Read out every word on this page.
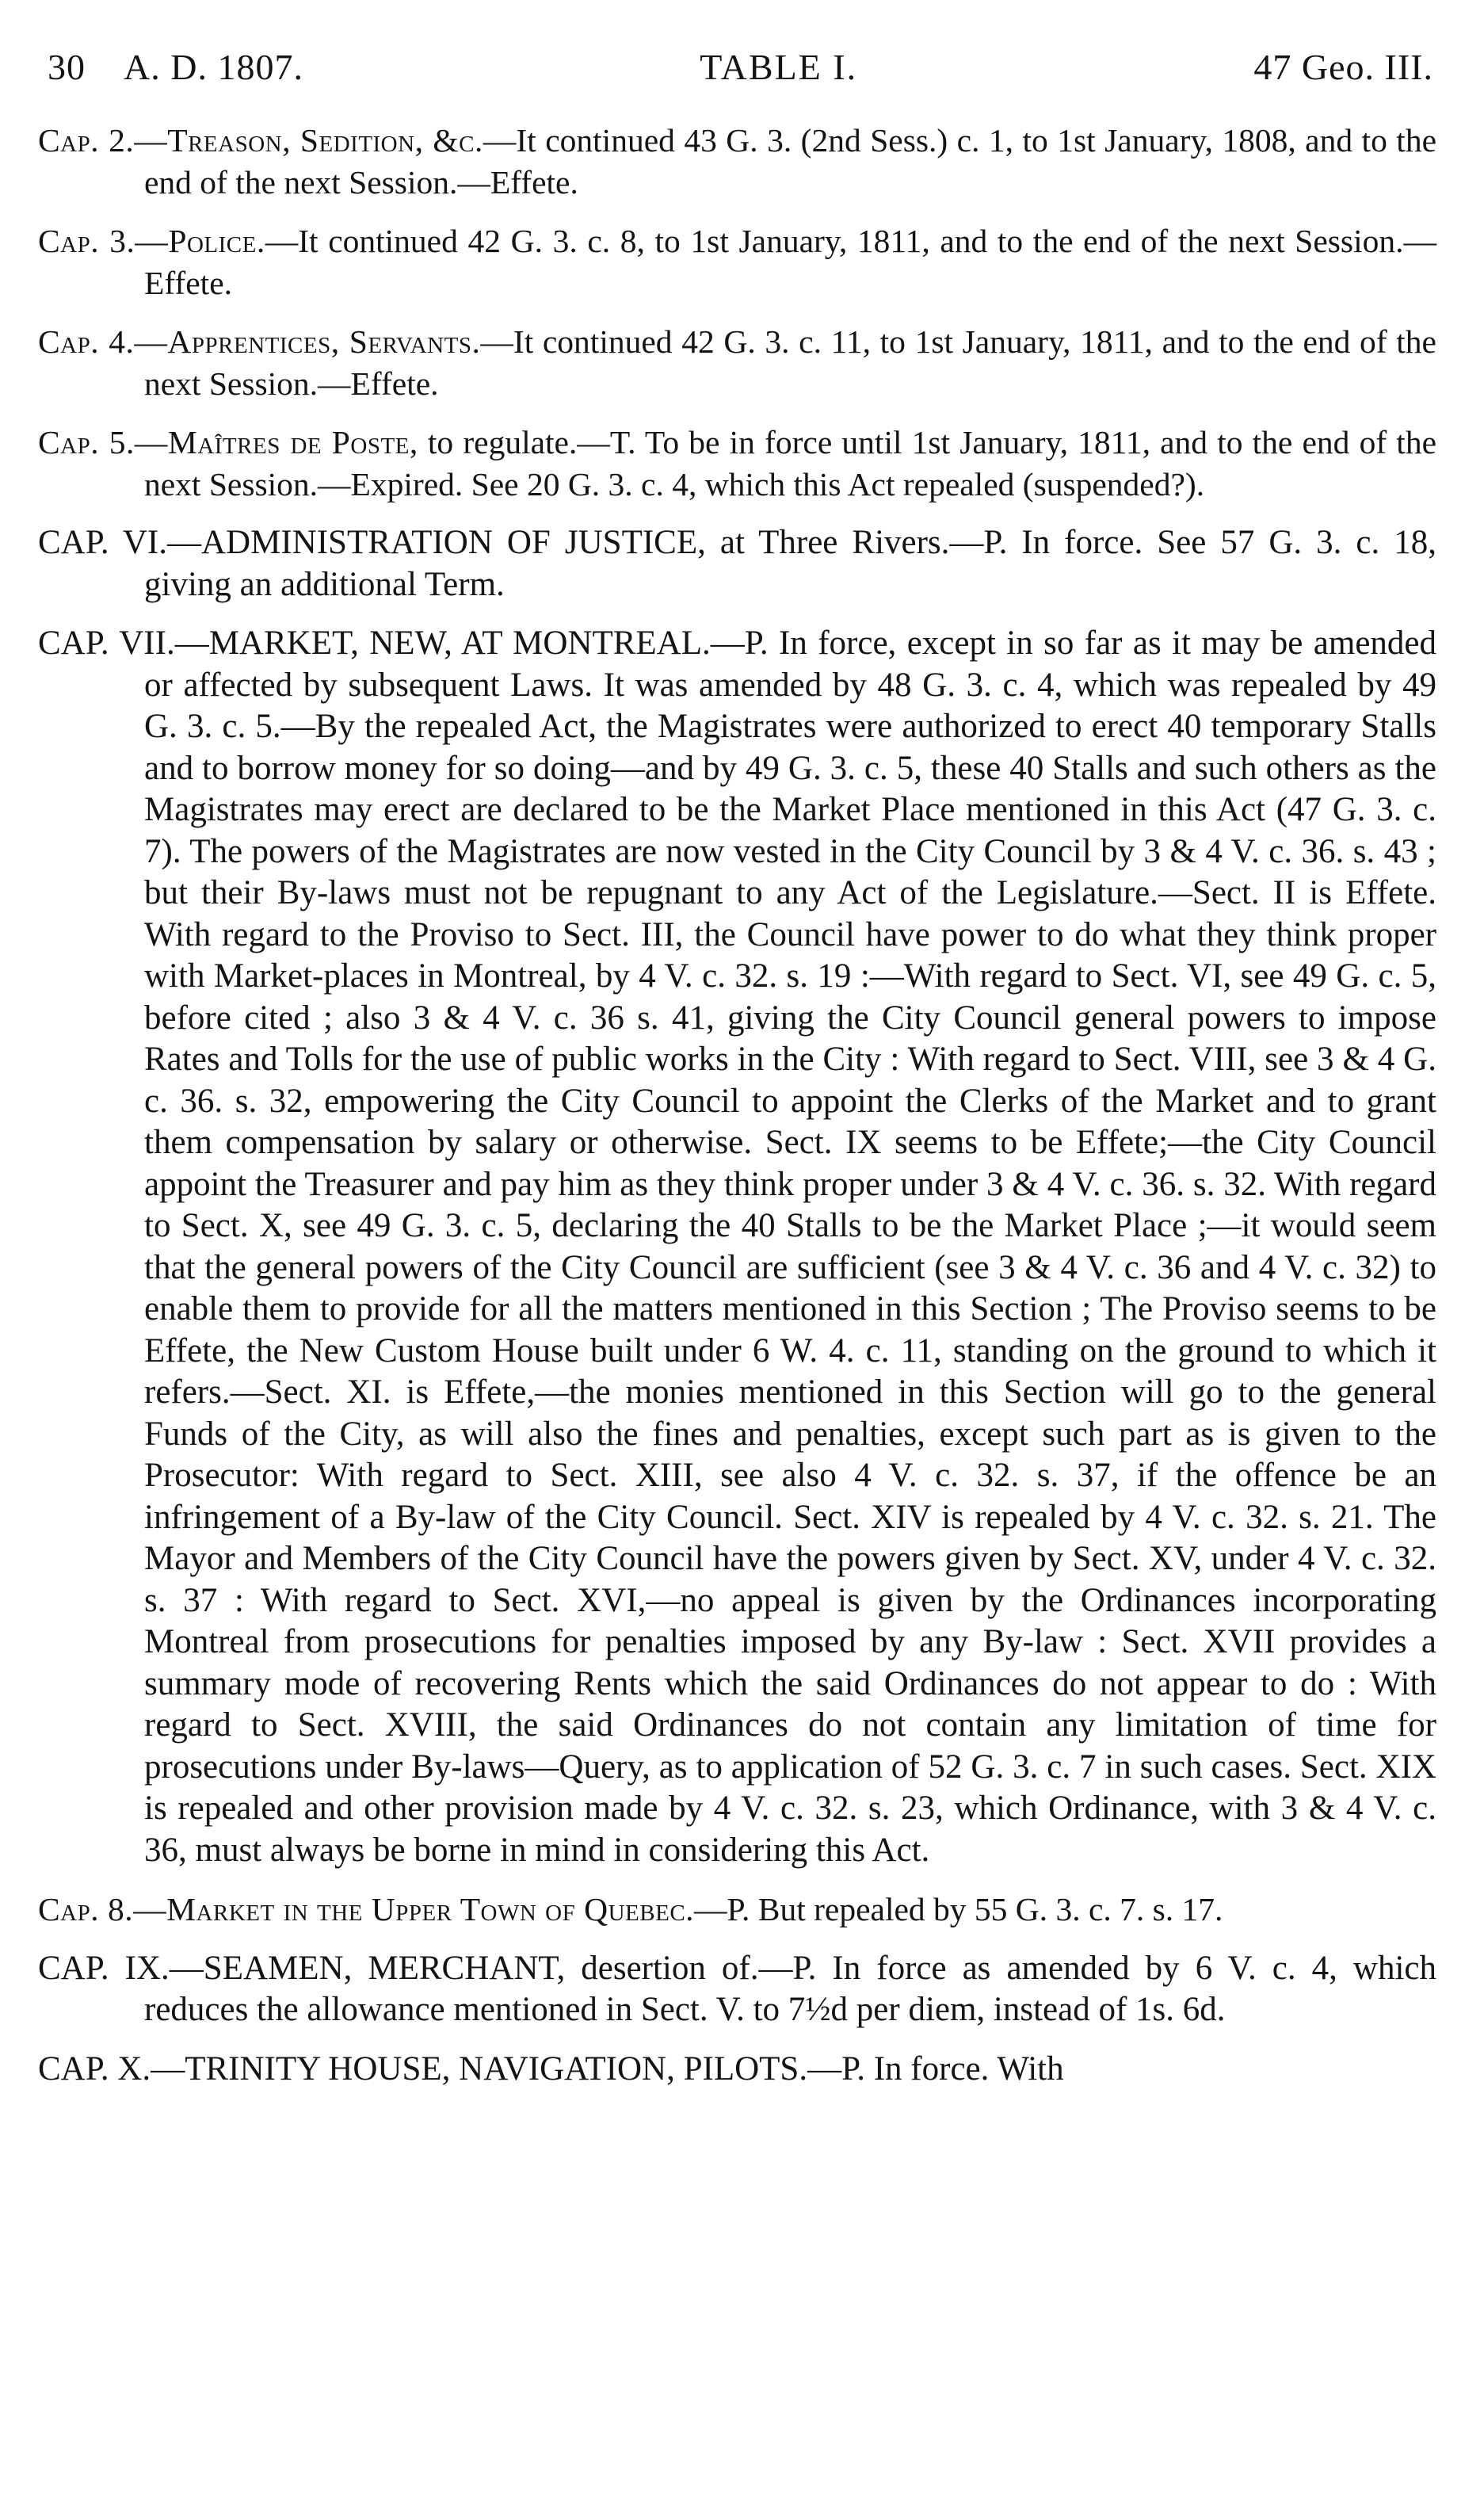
30 A. D. 1807.	TABLE I.	47 Geo. III.

Cap. 2.—Treason, Sedition, &c.—It continued 43 G. 3. (2nd Sess.) c. 1, to 1st January, 1808, and to the end of the next Session.—Effete.

Cap. 3.—Police.—It continued 42 G. 3. c. 8, to 1st January, 1811, and to the end of the next Session.—Effete.

Cap. 4.—Apprentices, Servants.—It continued 42 G. 3. c. 11, to 1st January, 1811, and to the end of the next Session.—Effete.

Cap. 5.—Maîtres de Poste, to regulate.—T. To be in force until 1st January, 1811, and to the end of the next Session.—Expired. See 20 G. 3. c. 4, which this Act repealed (suspended?).

CAP. VI.—ADMINISTRATION OF JUSTICE, at Three Rivers.—P. In force. See 57 G. 3. c. 18, giving an additional Term.

CAP. VII.—MARKET, NEW, AT MONTREAL.—P. In force, except in so far as it may be amended or affected by subsequent Laws. It was amended by 48 G. 3. c. 4, which was repealed by 49 G. 3. c. 5.—By the repealed Act, the Magistrates were authorized to erect 40 temporary Stalls and to borrow money for so doing—and by 49 G. 3. c. 5, these 40 Stalls and such others as the Magistrates may erect are declared to be the Market Place mentioned in this Act (47 G. 3. c. 7). The powers of the Magistrates are now vested in the City Council by 3 & 4 V. c. 36. s. 43 ; but their By-laws must not be repugnant to any Act of the Legislature.—Sect. II is Effete. With regard to the Proviso to Sect. III, the Council have power to do what they think proper with Market-places in Montreal, by 4 V. c. 32. s. 19 :—With regard to Sect. VI, see 49 G. c. 5, before cited ; also 3 & 4 V. c. 36 s. 41, giving the City Council general powers to impose Rates and Tolls for the use of public works in the City : With regard to Sect. VIII, see 3 & 4 G. c. 36. s. 32, empowering the City Council to appoint the Clerks of the Market and to grant them compensation by salary or otherwise. Sect. IX seems to be Effete;—the City Council appoint the Treasurer and pay him as they think proper under 3 & 4 V. c. 36. s. 32. With regard to Sect. X, see 49 G. 3. c. 5, declaring the 40 Stalls to be the Market Place ;—it would seem that the general powers of the City Council are sufficient (see 3 & 4 V. c. 36 and 4 V. c. 32) to enable them to provide for all the matters mentioned in this Section ; The Proviso seems to be Effete, the New Custom House built under 6 W. 4. c. 11, standing on the ground to which it refers.—Sect. XI. is Effete,—the monies mentioned in this Section will go to the general Funds of the City, as will also the fines and penalties, except such part as is given to the Prosecutor: With regard to Sect. XIII, see also 4 V. c. 32. s. 37, if the offence be an infringement of a By-law of the City Council. Sect. XIV is repealed by 4 V. c. 32. s. 21. The Mayor and Members of the City Council have the powers given by Sect. XV, under 4 V. c. 32. s. 37 : With regard to Sect. XVI,—no appeal is given by the Ordinances incorporating Montreal from prosecutions for penalties imposed by any By-law : Sect. XVII provides a summary mode of recovering Rents which the said Ordinances do not appear to do : With regard to Sect. XVIII, the said Ordinances do not contain any limitation of time for prosecutions under By-laws—Query, as to application of 52 G. 3. c. 7 in such cases. Sect. XIX is repealed and other provision made by 4 V. c. 32. s. 23, which Ordinance, with 3 & 4 V. c. 36, must always be borne in mind in considering this Act.

Cap. 8.—Market in the Upper Town of Quebec.—P. But repealed by 55 G. 3. c. 7. s. 17.

CAP. IX.—SEAMEN, MERCHANT, desertion of.—P. In force as amended by 6 V. c. 4, which reduces the allowance mentioned in Sect. V. to 7½d per diem, instead of 1s. 6d.

CAP. X.—TRINITY HOUSE, NAVIGATION, PILOTS.—P. In force. With
